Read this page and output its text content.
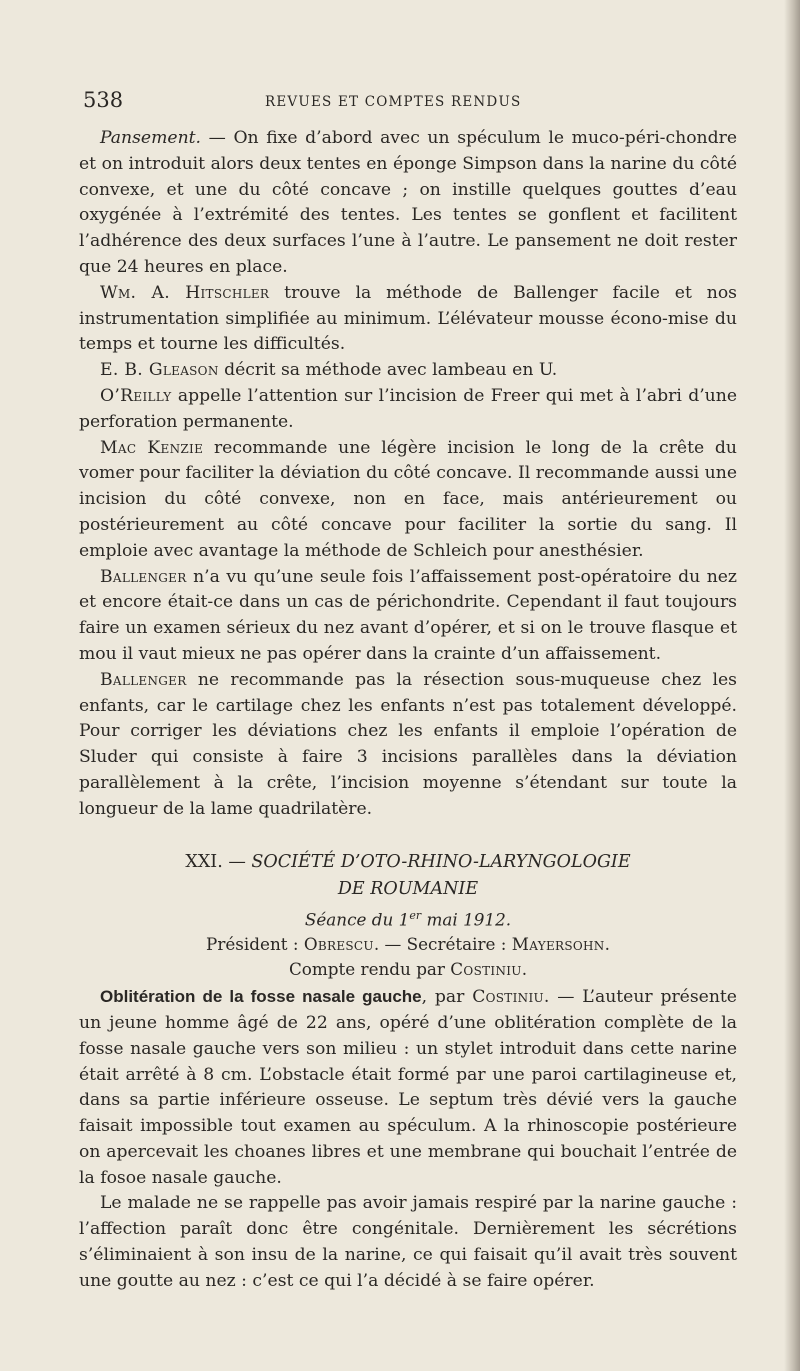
538	REVUES ET COMPTES RENDUS

Pansement. — On fixe d’abord avec un spéculum le muco-péri-chondre et on introduit alors deux tentes en éponge Simpson dans la narine du côté convexe, et une du côté concave ; on instille quelques gouttes d’eau oxygénée à l’extrémité des tentes. Les tentes se gonflent et facilitent l’adhérence des deux surfaces l’une à l’autre. Le pansement ne doit rester que 24 heures en place.

Wm. A. Hitschler trouve la méthode de Ballenger facile et nos instrumentation simplifiée au minimum. L’élévateur mousse écono-mise du temps et tourne les difficultés.

E. B. Gleason décrit sa méthode avec lambeau en U.

O’Reilly appelle l’attention sur l’incision de Freer qui met à l’abri d’une perforation permanente.

Mac Kenzie recommande une légère incision le long de la crête du vomer pour faciliter la déviation du côté concave. Il recommande aussi une incision du côté convexe, non en face, mais antérieurement ou postérieurement au côté concave pour faciliter la sortie du sang. Il emploie avec avantage la méthode de Schleich pour anesthésier.

Ballenger n’a vu qu’une seule fois l’affaissement post-opératoire du nez et encore était-ce dans un cas de périchondrite. Cependant il faut toujours faire un examen sérieux du nez avant d’opérer, et si on le trouve flasque et mou il vaut mieux ne pas opérer dans la crainte d’un affaissement.

Ballenger ne recommande pas la résection sous-muqueuse chez les enfants, car le cartilage chez les enfants n’est pas totalement développé. Pour corriger les déviations chez les enfants il emploie l’opération de Sluder qui consiste à faire 3 incisions parallèles dans la déviation parallèlement à la crête, l’incision moyenne s’étendant sur toute la longueur de la lame quadrilatère.

XXI. — SOCIÉTÉ D’OTO-RHINO-LARYNGOLOGIE
DE ROUMANIE
Séance du 1er mai 1912.
Président : Obrescu. — Secrétaire : Mayersohn.
Compte rendu par Costiniu.

Oblitération de la fosse nasale gauche, par Costiniu. — L’auteur présente un jeune homme âgé de 22 ans, opéré d’une oblitération complète de la fosse nasale gauche vers son milieu : un stylet introduit dans cette narine était arrêté à 8 cm. L’obstacle était formé par une paroi cartilagineuse et, dans sa partie inférieure osseuse. Le septum très dévié vers la gauche faisait impossible tout examen au spéculum. A la rhinoscopie postérieure on apercevait les choanes libres et une membrane qui bouchait l’entrée de la fosoe nasale gauche.

Le malade ne se rappelle pas avoir jamais respiré par la narine gauche : l’affection paraît donc être congénitale. Dernièrement les sécrétions s’éliminaient à son insu de la narine, ce qui faisait qu’il avait très souvent une goutte au nez : c’est ce qui l’a décidé à se faire opérer.
